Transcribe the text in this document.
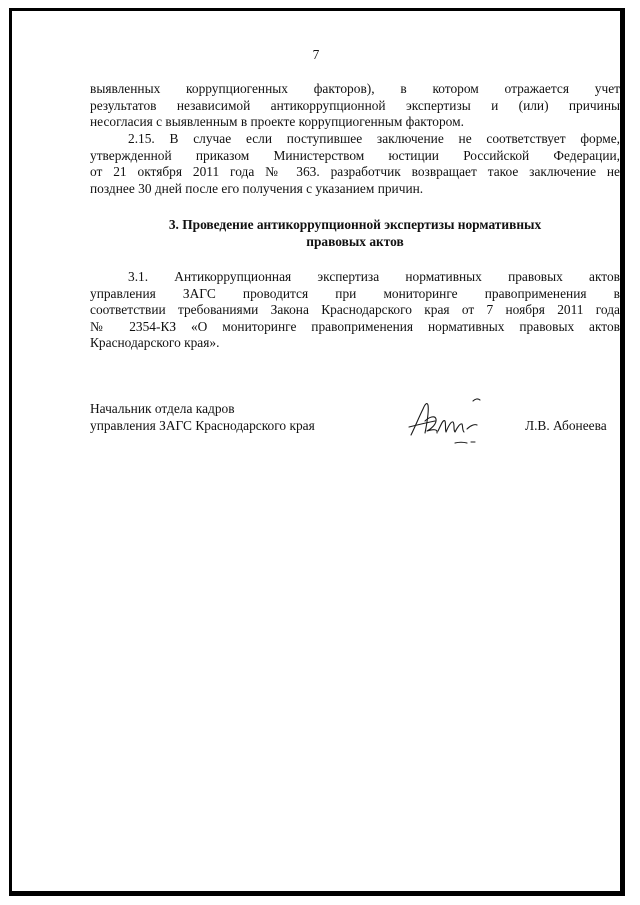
7
выявленных коррупциогенных факторов), в котором отражается учет
результатов независимой антикоррупционной экспертизы и (или) причины
несогласия с выявленным в проекте коррупциогенным фактором.
2.15. В случае если поступившее заключение не соответствует форме,
утвержденной приказом Министерством юстиции Российской Федерации,
от 21 октября 2011 года № 363. разработчик возвращает такое заключение не
позднее 30 дней после его получения с указанием причин.
3. Проведение антикоррупционной экспертизы нормативных
правовых актов
3.1. Антикоррупционная экспертиза нормативных правовых актов
управления ЗАГС проводится при мониторинге правоприменения в
соответствии требованиями Закона Краснодарского края от 7 ноября 2011 года
№ 2354-КЗ «О мониторинге правоприменения нормативных правовых актов
Краснодарского края».
Начальник отдела кадров
управления ЗАГС Краснодарского края	Л.В. Абонеева
